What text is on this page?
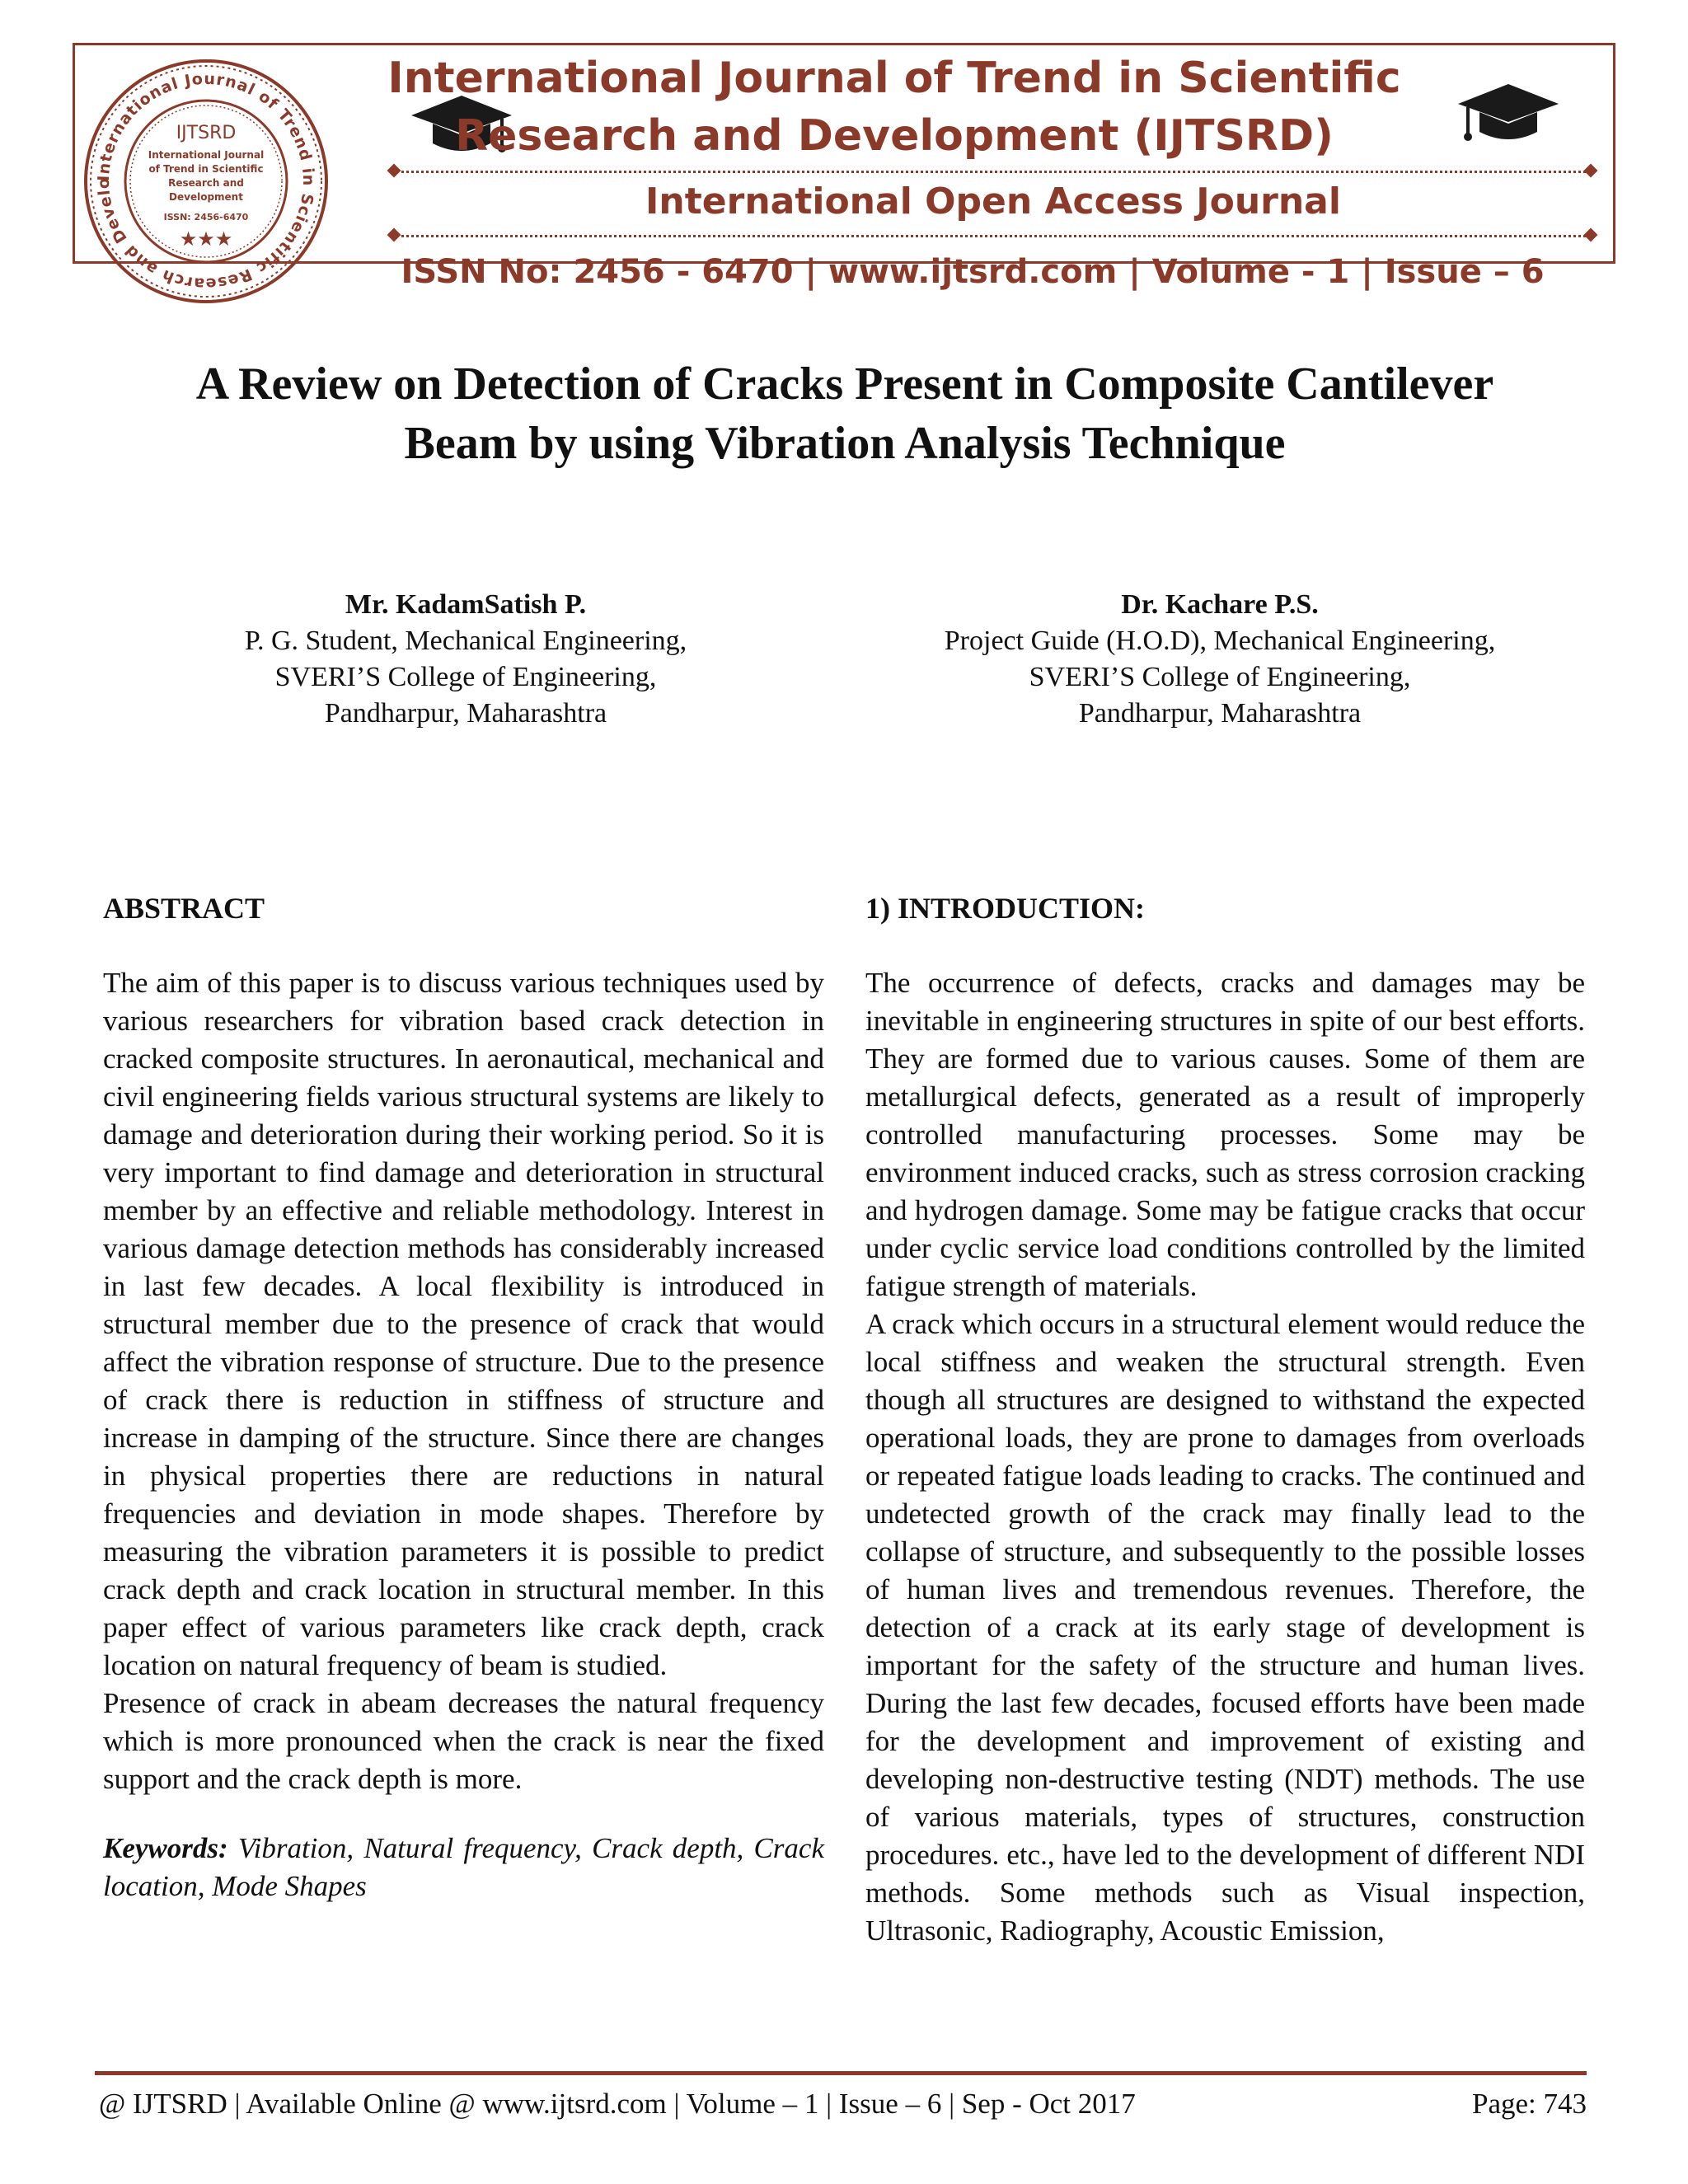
International Journal of Trend in Scientific Research and Develo
IJTSRD
International Journal
of Trend in Scientific
Research and
Development
ISSN: 2456-6470
★★★
International Journal of Trend in Scientific
Research and Development (IJTSRD)
International Open Access Journal
ISSN No: 2456 - 6470 | www.ijtsrd.com | Volume - 1 | Issue – 6
A Review on Detection of Cracks Present in Composite Cantilever
Beam by using Vibration Analysis Technique
Mr. KadamSatish P.
P. G. Student, Mechanical Engineering,
SVERI’S College of Engineering,
Pandharpur, Maharashtra
Dr. Kachare P.S.
Project Guide (H.O.D), Mechanical Engineering,
SVERI’S College of Engineering,
Pandharpur, Maharashtra
ABSTRACT

The aim of this paper is to discuss various techniques used by various researchers for vibration based crack detection in cracked composite structures. In aeronautical, mechanical and civil engineering fields various structural systems are likely to damage and deterioration during their working period. So it is very important to find damage and deterioration in structural member by an effective and reliable methodology. Interest in various damage detection methods has considerably increased in last few decades. A local flexibility is introduced in structural member due to the presence of crack that would affect the vibration response of structure. Due to the presence of crack there is reduction in stiffness of structure and increase in damping of the structure. Since there are changes in physical properties there are reductions in natural frequencies and deviation in mode shapes. Therefore by measuring the vibration parameters it is possible to predict crack depth and crack location in structural member. In this paper effect of various parameters like crack depth, crack location on natural frequency of beam is studied.

Presence of crack in abeam decreases the natural frequency which is more pronounced when the crack is near the fixed support and the crack depth is more.

Keywords: Vibration, Natural frequency, Crack depth, Crack location, Mode Shapes

1) INTRODUCTION:

The occurrence of defects, cracks and damages may be inevitable in engineering structures in spite of our best efforts. They are formed due to various causes. Some of them are metallurgical defects, generated as a result of improperly controlled manufacturing processes. Some may be environment induced cracks, such as stress corrosion cracking and hydrogen damage. Some may be fatigue cracks that occur under cyclic service load conditions controlled by the limited fatigue strength of materials.

A crack which occurs in a structural element would reduce the local stiffness and weaken the structural strength. Even though all structures are designed to withstand the expected operational loads, they are prone to damages from overloads or repeated fatigue loads leading to cracks. The continued and undetected growth of the crack may finally lead to the collapse of structure, and subsequently to the possible losses of human lives and tremendous revenues. Therefore, the detection of a crack at its early stage of development is important for the safety of the structure and human lives. During the last few decades, focused efforts have been made for the development and improvement of existing and developing non-destructive testing (NDT) methods. The use of various materials, types of structures, construction procedures. etc., have led to the development of different NDI methods. Some methods such as Visual inspection, Ultrasonic, Radiography, Acoustic Emission,

@ IJTSRD | Available Online @ www.ijtsrd.com | Volume – 1 | Issue – 6 | Sep - Oct 2017	Page: 743
